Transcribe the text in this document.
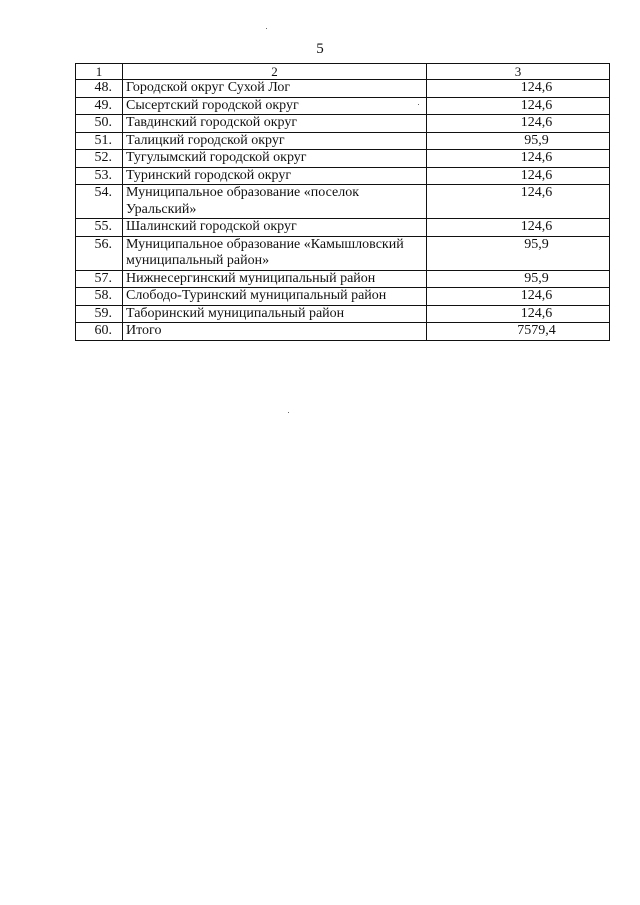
5
1	2	3
48.	Городской округ Сухой Лог	124,6
49.	Сысертский городской округ	124,6
50.	Тавдинский городской округ	124,6
51.	Талицкий городской округ	95,9
52.	Тугулымский городской округ	124,6
53.	Туринский городской округ	124,6
54.	Муниципальное образование «поселок Уральский»	124,6
55.	Шалинский городской округ	124,6
56.	Муниципальное образование «Камышловский муниципальный район»	95,9
57.	Нижнесергинский муниципальный район	95,9
58.	Слободо-Туринский муниципальный район	124,6
59.	Таборинский муниципальный район	124,6
60.	Итого	7579,4
